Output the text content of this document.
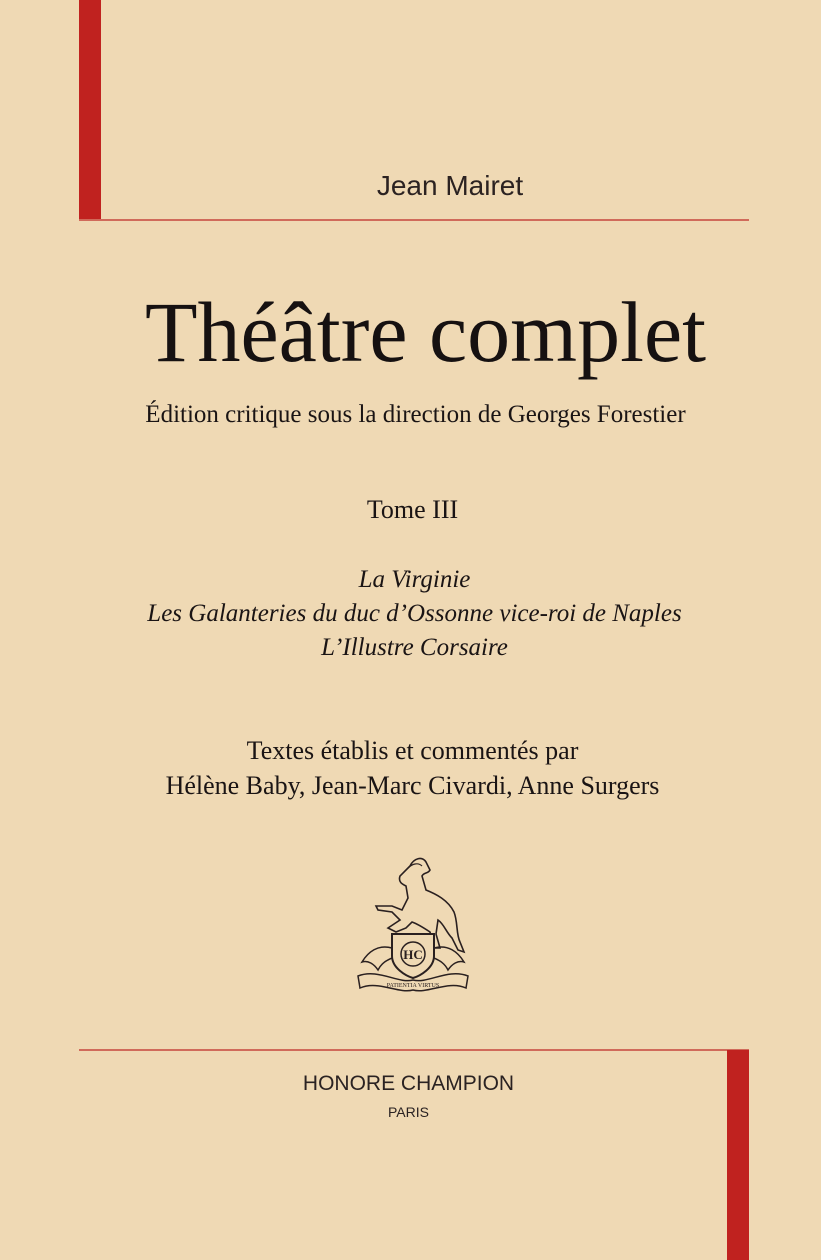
Jean Mairet
Théâtre complet
Édition critique sous la direction de Georges Forestier
Tome III
La Virginie
Les Galanteries du duc d’Ossonne vice-roi de Naples
L’Illustre Corsaire
Textes établis et commentés par
Hélène Baby, Jean-Marc Civardi, Anne Surgers
HC
PATIENTIA VIRTUS
HONORE CHAMPION
PARIS
